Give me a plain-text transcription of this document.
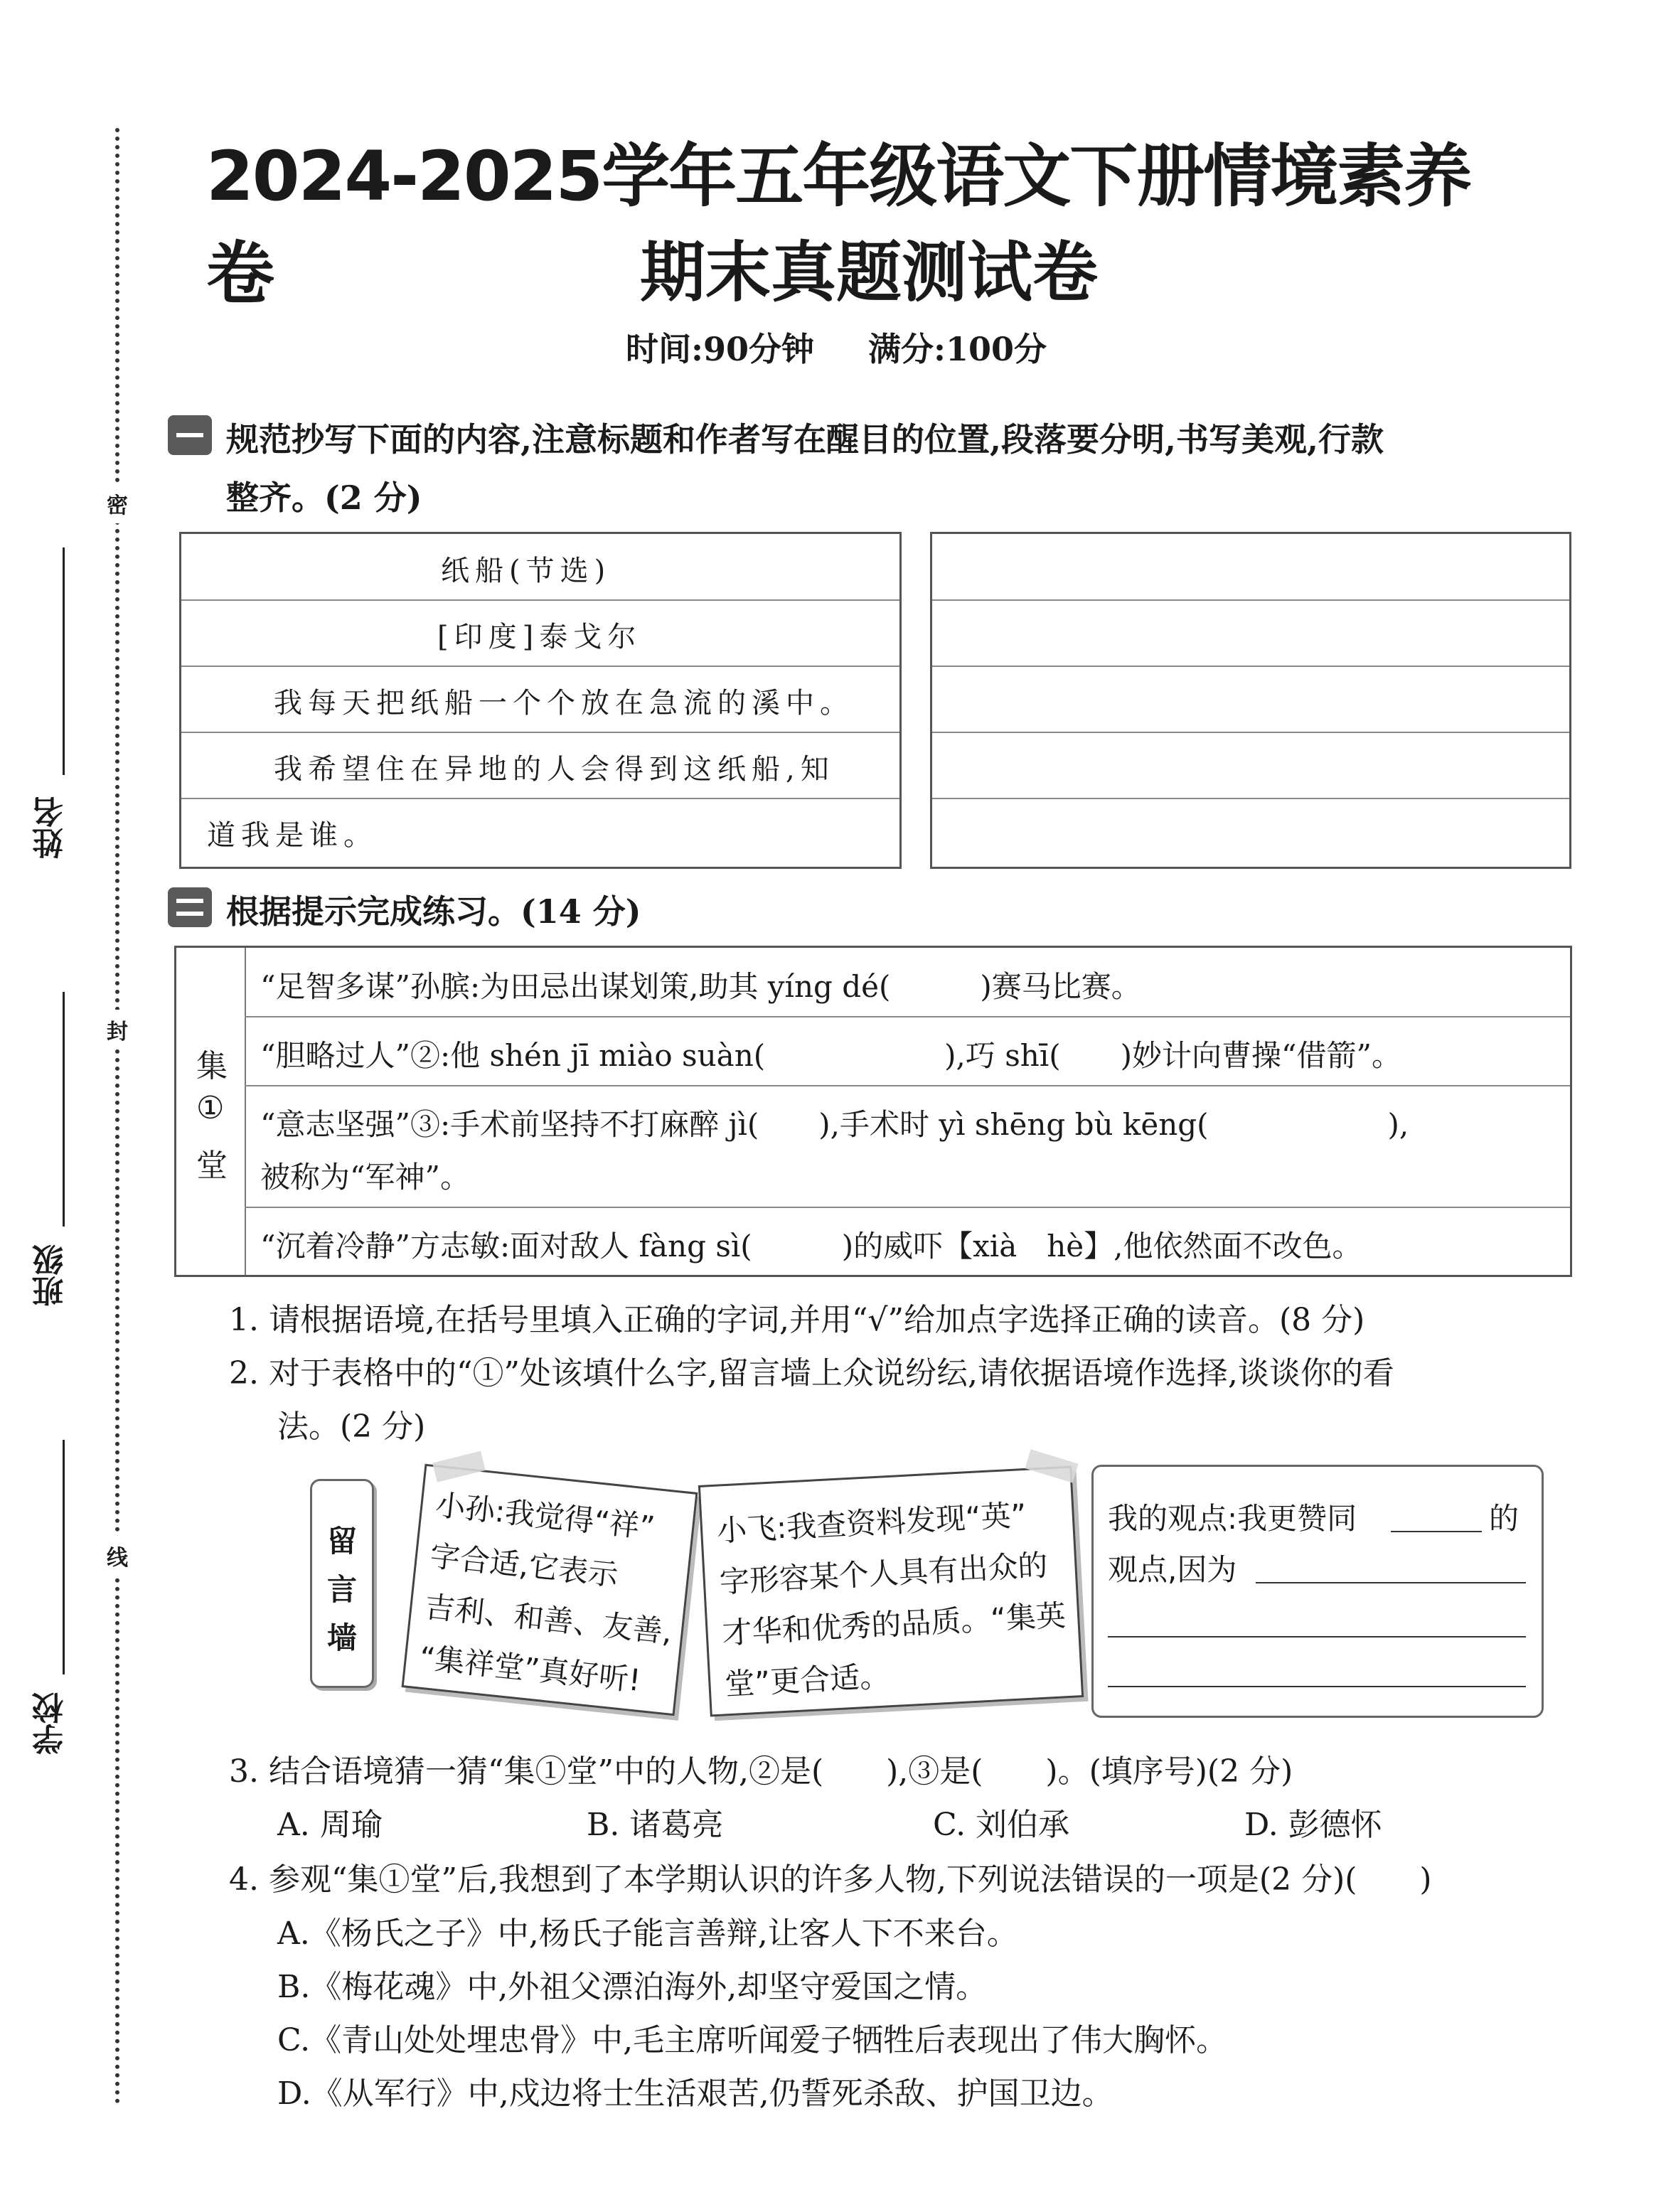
密
封
线
姓名
班级
学校
2024-2025学年五年级语文下册情境素养卷	期末真题测试卷
时间:90分钟 满分:100分
规范抄写下面的内容,注意标题和作者写在醒目的位置,段落要分明,书写美观,行款
整齐。(2 分)
纸船(节选)
[印度]泰戈尔
我每天把纸船一个个放在急流的溪中。
我希望住在异地的人会得到这纸船,知
道我是谁。
根据提示完成练习。(14 分)
集
①
堂
“足智多谋”孙膑:为田忌出谋划策,助其 yíng dé(　　　)赛马比赛。
“胆略过人”②:他 shén jī miào suàn(　　　　　　),巧 shī(　　)妙计向曹操“借箭”。
“意志坚强”③:手术前坚持不打麻醉 jì(　　),手术时 yì shēng bù kēng(　　　　　　),
被称为“军神”。
“沉着冷静”方志敏:面对敌人 fàng sì(　　　)的威吓【xià　hè】,他依然面不改色。
1. 请根据语境,在括号里填入正确的字词,并用“√”给加点字选择正确的读音。(8 分)
2. 对于表格中的“①”处该填什么字,留言墙上众说纷纭,请依据语境作选择,谈谈你的看
法。(2 分)
留
言
墙
小孙:我觉得“祥”
字合适,它表示
吉利、和善、友善,
“集祥堂”真好听!
小飞:我查资料发现“英”
字形容某个人具有出众的
才华和优秀的品质。“集英
堂”更合适。
我的观点:我更赞同	的
观点,因为
3. 结合语境猜一猜“集①堂”中的人物,②是(　　),③是(　　)。(填序号)(2 分)
A. 周瑜	B. 诸葛亮	C. 刘伯承	D. 彭德怀
4. 参观“集①堂”后,我想到了本学期认识的许多人物,下列说法错误的一项是(2 分)(　　)
A.《杨氏之子》中,杨氏子能言善辩,让客人下不来台。
B.《梅花魂》中,外祖父漂泊海外,却坚守爱国之情。
C.《青山处处埋忠骨》中,毛主席听闻爱子牺牲后表现出了伟大胸怀。
D.《从军行》中,戍边将士生活艰苦,仍誓死杀敌、护国卫边。
